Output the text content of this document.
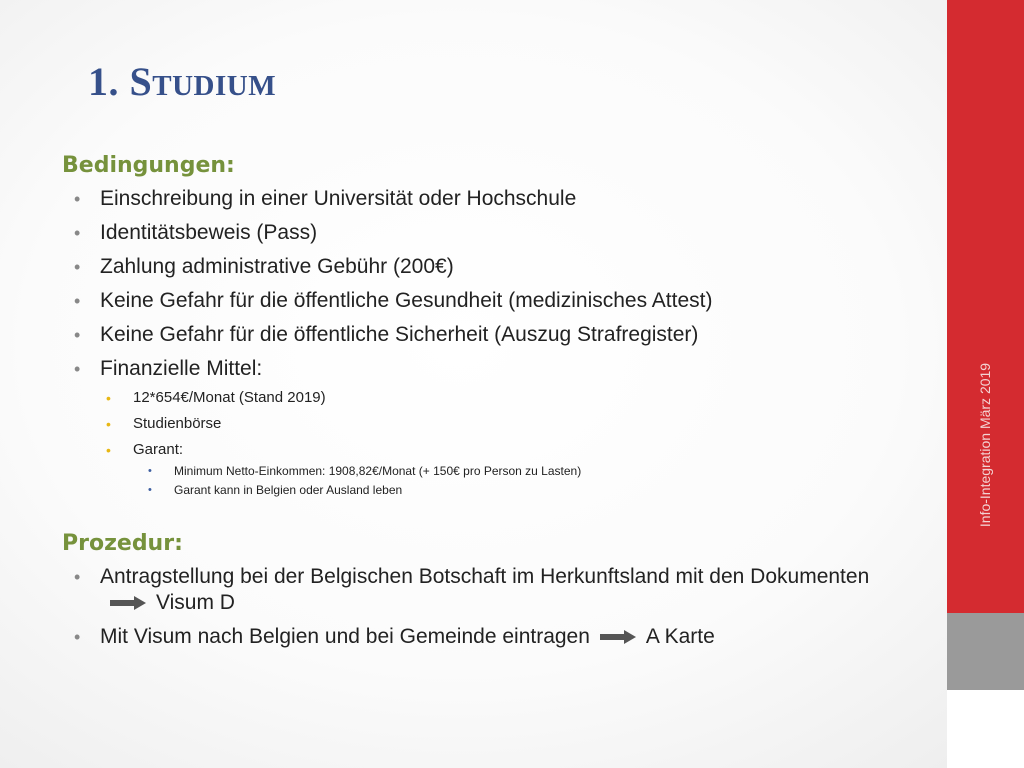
Info-Integration März 2019
1. STUDIUM
Bedingungen:
• Einschreibung in einer Universität oder Hochschule
• Identitätsbeweis (Pass)
• Zahlung administrative Gebühr (200€)
• Keine Gefahr für die öffentliche Gesundheit (medizinisches Attest)
• Keine Gefahr für die öffentliche Sicherheit (Auszug Strafregister)
• Finanzielle Mittel:
• 12*654€/Monat (Stand 2019)
• Studienbörse
• Garant:
• Minimum Netto-Einkommen: 1908,82€/Monat (+ 150€ pro Person zu Lasten)
• Garant kann in Belgien oder Ausland leben
Prozedur:
• Antragstellung bei der Belgischen Botschaft im Herkunftsland mit den DokumentenVisum D
• Mit Visum nach Belgien und bei Gemeinde eintragen	A Karte
